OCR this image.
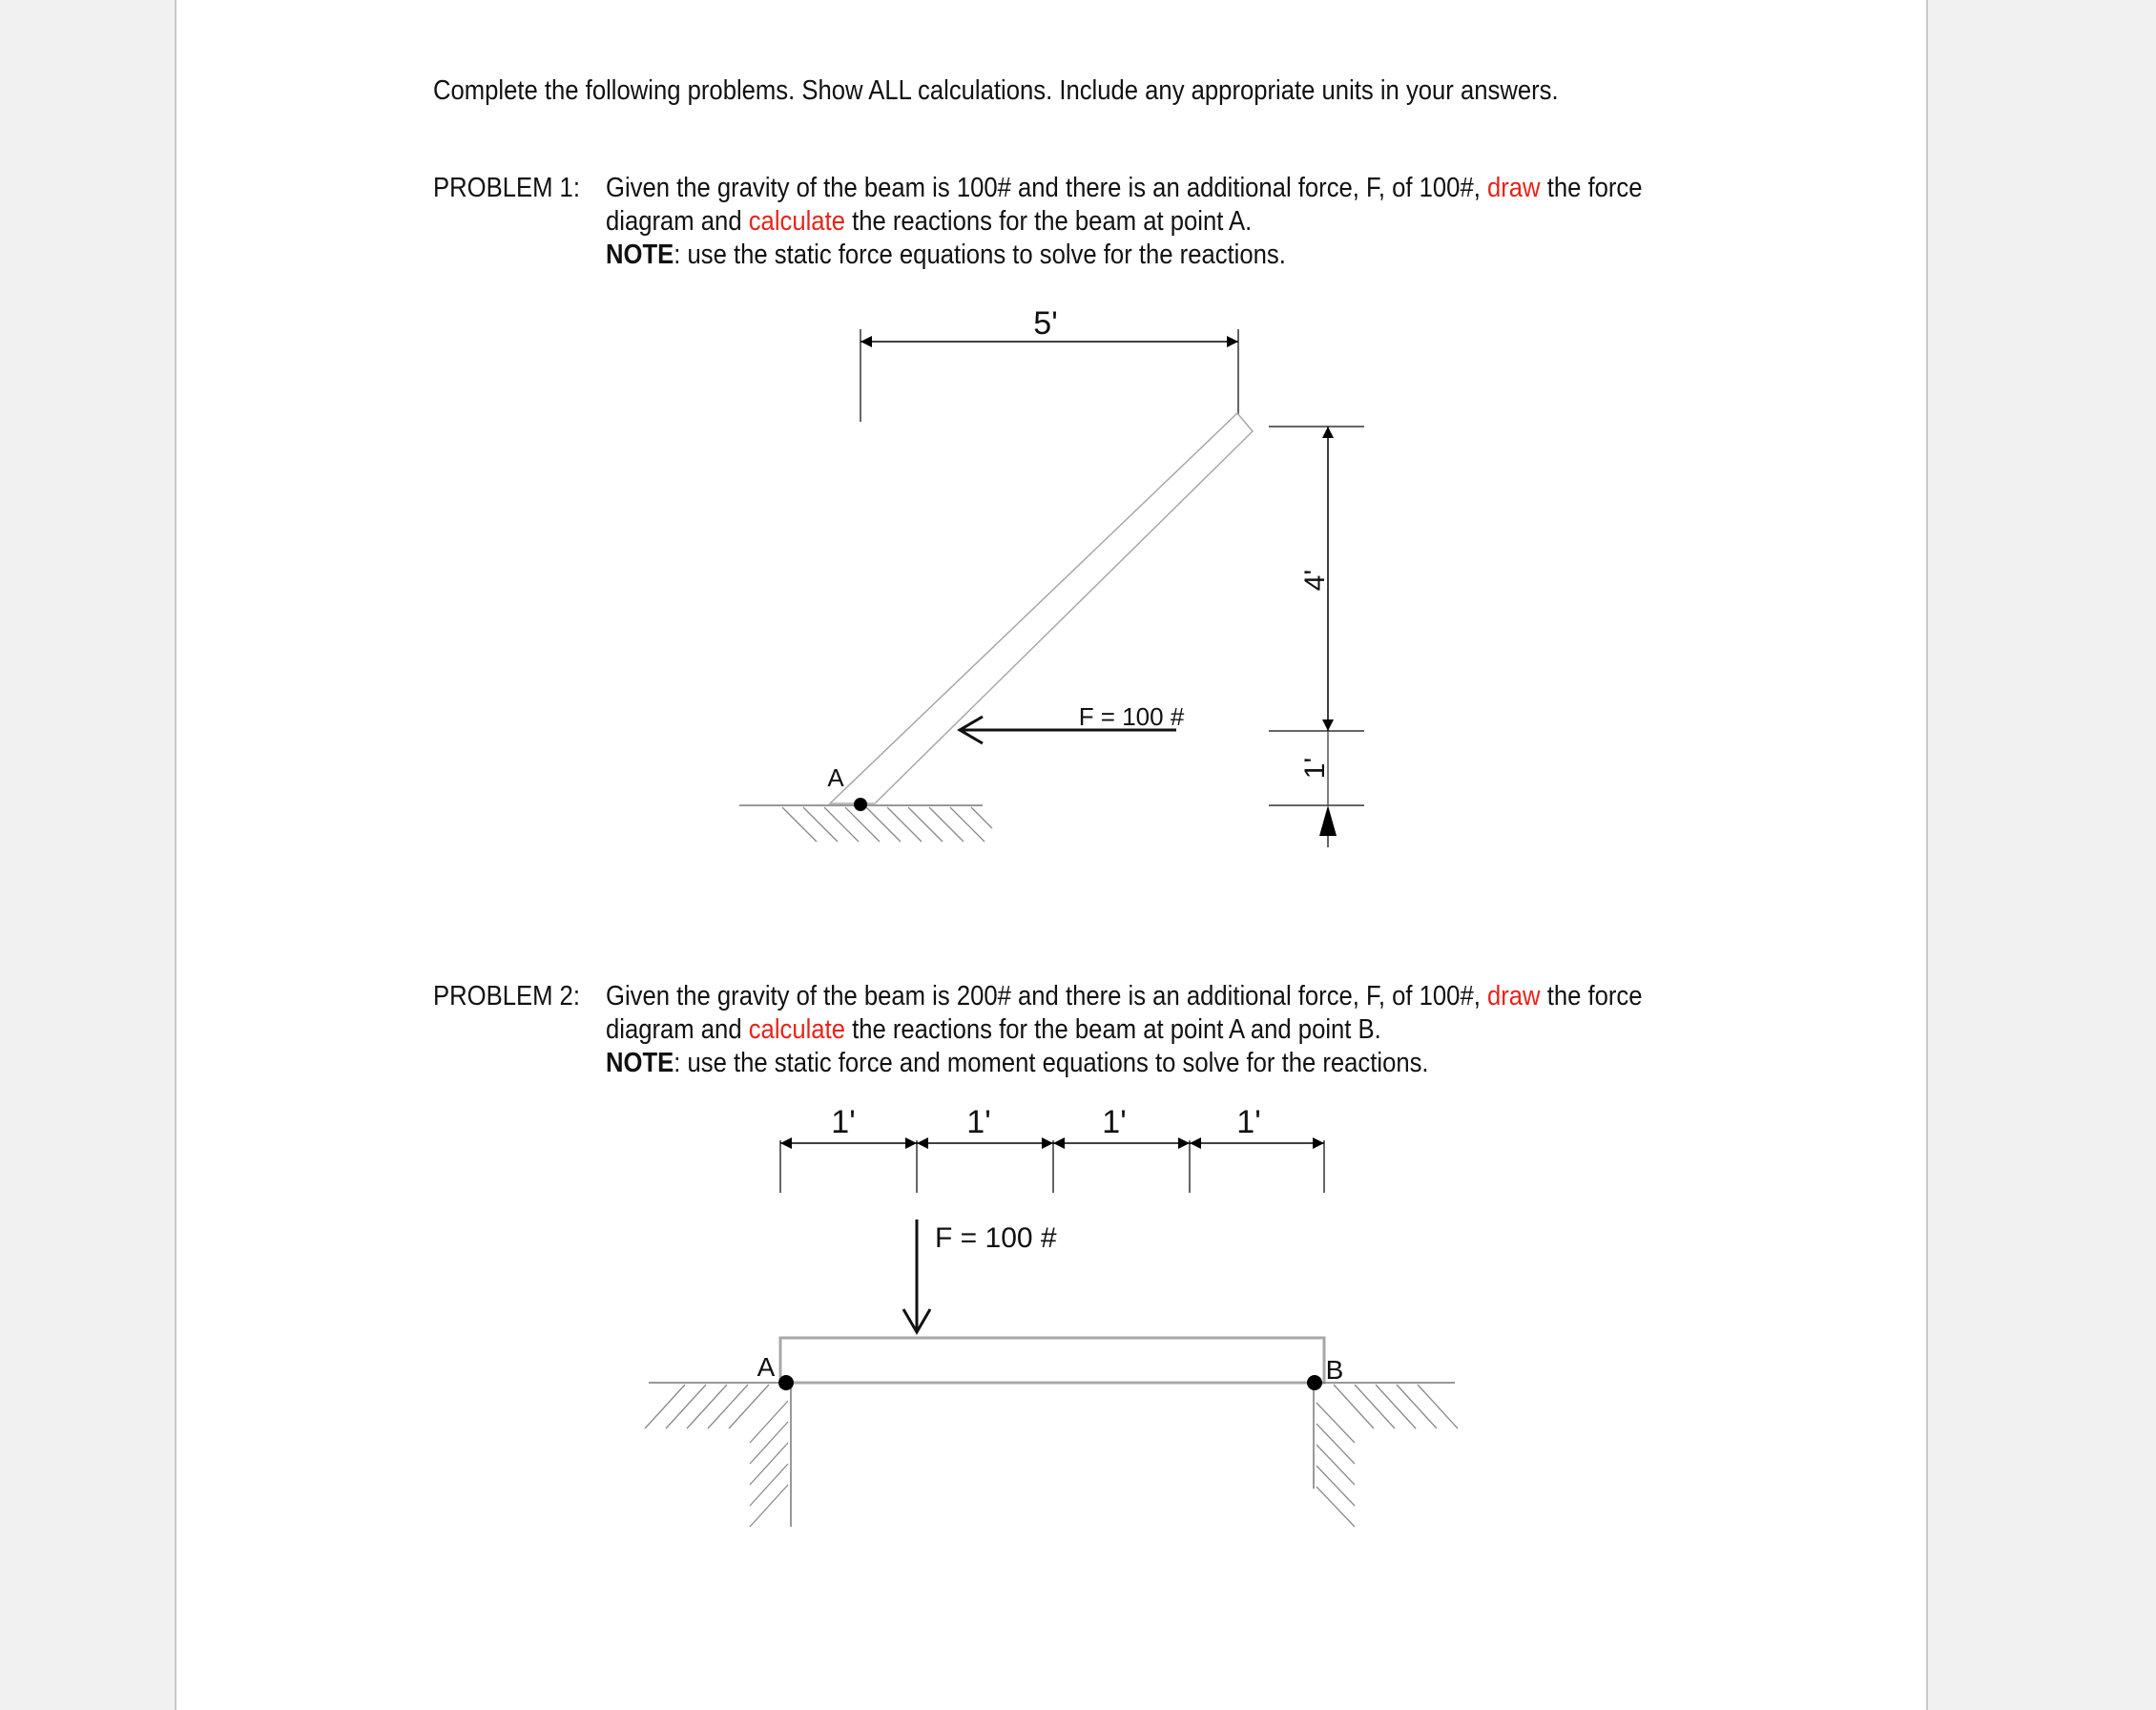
Complete the following problems. Show ALL calculations. Include any appropriate units in your answers.
PROBLEM 1: Given the gravity of the beam is 100# and there is an additional force, F, of 100#, draw the force
diagram and calculate the reactions for the beam at point A.
NOTE: use the static force equations to solve for the reactions.
PROBLEM 2: Given the gravity of the beam is 200# and there is an additional force, F, of 100#, draw the force
diagram and calculate the reactions for the beam at point A and point B.
NOTE: use the static force and moment equations to solve for the reactions.
5'
A
F = 100 #
4'
1'
1'	1'	1'	1'
F = 100 #
A	B
